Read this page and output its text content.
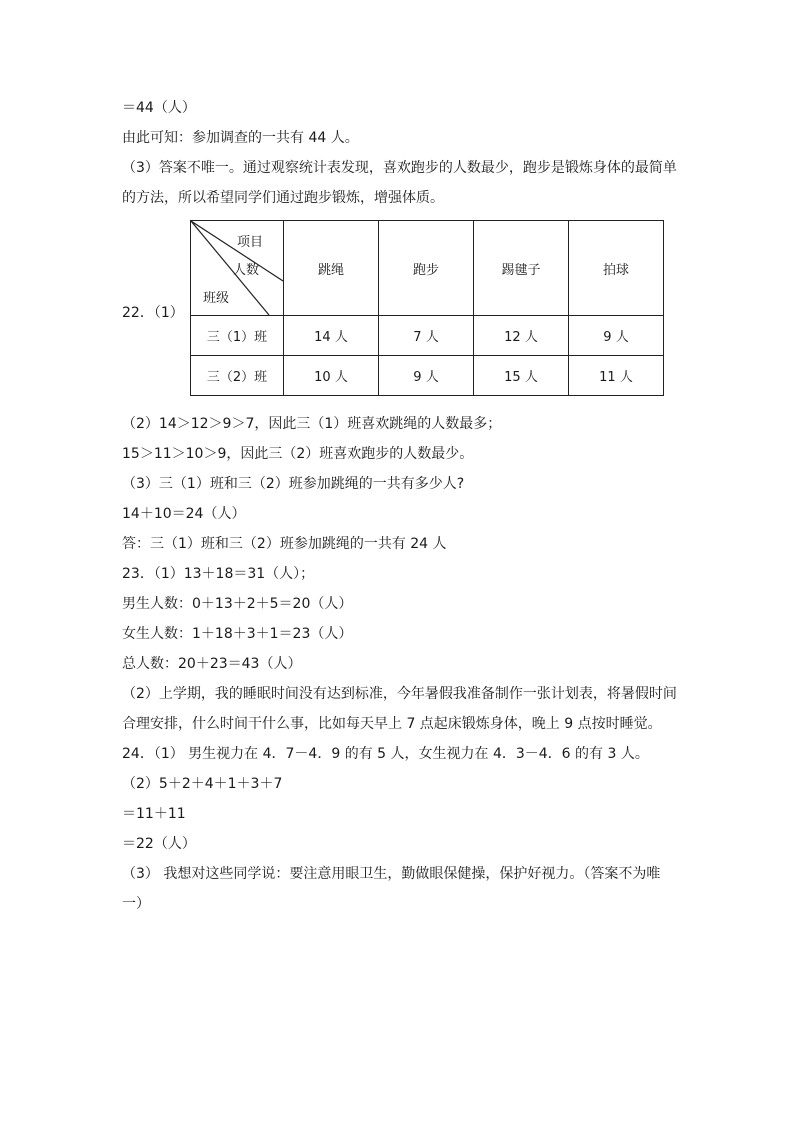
＝44（人）
由此可知：参加调查的一共有 44 人。
（3）答案不唯一。通过观察统计表发现，喜欢跑步的人数最少，跑步是锻炼身体的最简单
的方法，所以希望同学们通过跑步锻炼，增强体质。
22．（1）
项目
人数
班级	跳绳	跑步	踢毽子	拍球
三（1）班	14 人	7 人	12 人	9 人
三（2）班	10 人	9 人	15 人	11 人
（2）14＞12＞9＞7，因此三（1）班喜欢跳绳的人数最多；
15＞11＞10＞9，因此三（2）班喜欢跑步的人数最少。
（3）三（1）班和三（2）班参加跳绳的一共有多少人?
14＋10＝24（人）
答：三（1）班和三（2）班参加跳绳的一共有 24 人
23．（1）13＋18＝31（人）；
男生人数：0＋13＋2＋5＝20（人）
女生人数：1＋18＋3＋1＝23（人）
总人数：20＋23＝43（人）
（2）上学期，我的睡眠时间没有达到标准，今年暑假我准备制作一张计划表，将暑假时间
合理安排，什么时间干什么事，比如每天早上 7 点起床锻炼身体，晚上 9 点按时睡觉。
24．（1） 男生视力在 4．7－4．9 的有 5 人，女生视力在 4．3－4．6 的有 3 人。
（2）5＋2＋4＋1＋3＋7
＝11＋11
＝22（人）
（3） 我想对这些同学说：要注意用眼卫生，勤做眼保健操，保护好视力。（答案不为唯
一）
